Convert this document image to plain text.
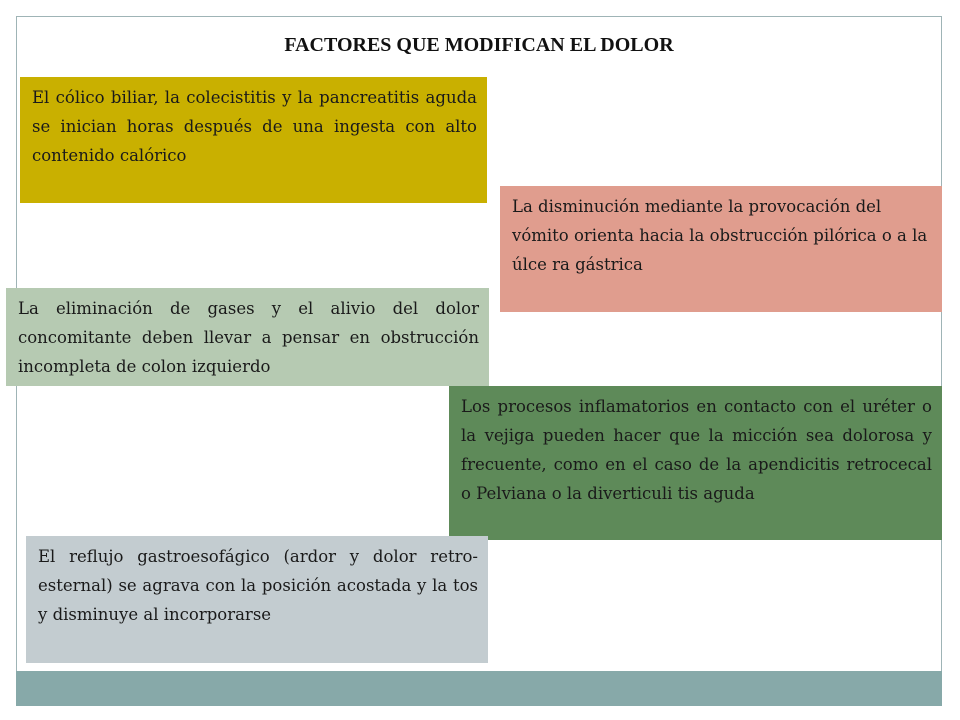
FACTORES QUE MODIFICAN EL DOLOR
El cólico biliar, la colecistitis y la pancreatitis aguda se inician horas después de una ingesta con alto contenido calórico
La disminución mediante la provocación del vómito orienta hacia la obstrucción pilórica o a la úlce ra gástrica
La eliminación de gases y el alivio del dolor concomitante deben llevar a pensar en obstrucción incompleta de colon izquierdo
Los procesos inflamatorios en contacto con el uréter o la vejiga pueden hacer que la micción sea dolorosa y frecuente, como en el caso de la apendicitis retrocecal o Pelviana o la diverticuli tis aguda
El reflujo gastroesofágico (ardor y dolor retro- esternal) se agrava con la posición acostada y la tos y disminuye al incorporarse
